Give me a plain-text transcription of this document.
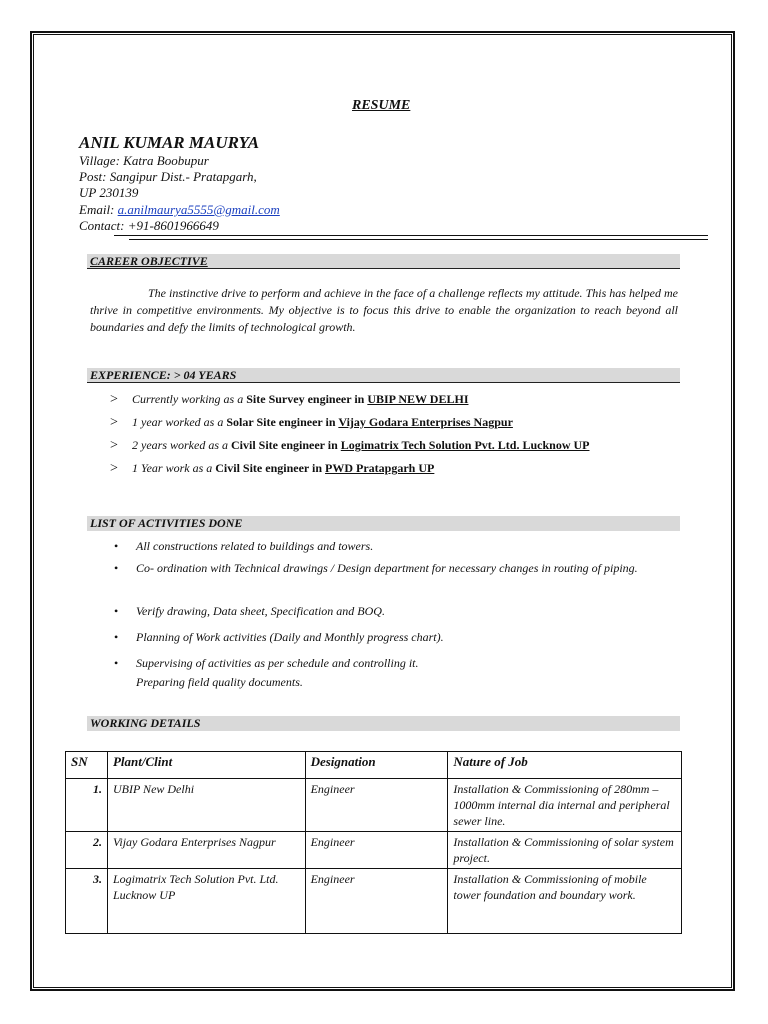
RESUME
ANIL KUMAR MAURYA
Village: Katra Boobupur
Post: Sangipur Dist.- Pratapgarh,
UP 230139
Email: a.anilmaurya5555@gmail.com
Contact: +91-8601966649
CAREER OBJECTIVE
The instinctive drive to perform and achieve in the face of a challenge reflects my attitude. This has helped me thrive in competitive environments. My objective is to focus this drive to enable the organization to reach beyond all boundaries and defy the limits of technological growth.
EXPERIENCE: > 04 YEARS
> Currently working as a Site Survey engineer in UBIP NEW DELHI
> 1 year worked as a Solar Site engineer in Vijay Godara Enterprises Nagpur
> 2 years worked as a Civil Site engineer in Logimatrix Tech Solution Pvt. Ltd. Lucknow UP
> 1 Year work as a Civil Site engineer in PWD Pratapgarh UP
LIST OF ACTIVITIES DONE
• All constructions related to buildings and towers.
• Co- ordination with Technical drawings / Design department for necessary changes in routing of piping.
• Verify drawing, Data sheet, Specification and BOQ.
• Planning of Work activities (Daily and Monthly progress chart).
• Supervising of activities as per schedule and controlling it.
Preparing field quality documents.
WORKING DETAILS
SN	Plant/Clint	Designation	Nature of Job
1.	UBIP New Delhi	Engineer	Installation & Commissioning of 280mm – 1000mm internal dia internal and peripheral sewer line.
2.	Vijay Godara Enterprises Nagpur	Engineer	Installation & Commissioning of solar system project.
3.	Logimatrix Tech Solution Pvt. Ltd. Lucknow UP	Engineer	Installation & Commissioning of mobile tower foundation and boundary work.
